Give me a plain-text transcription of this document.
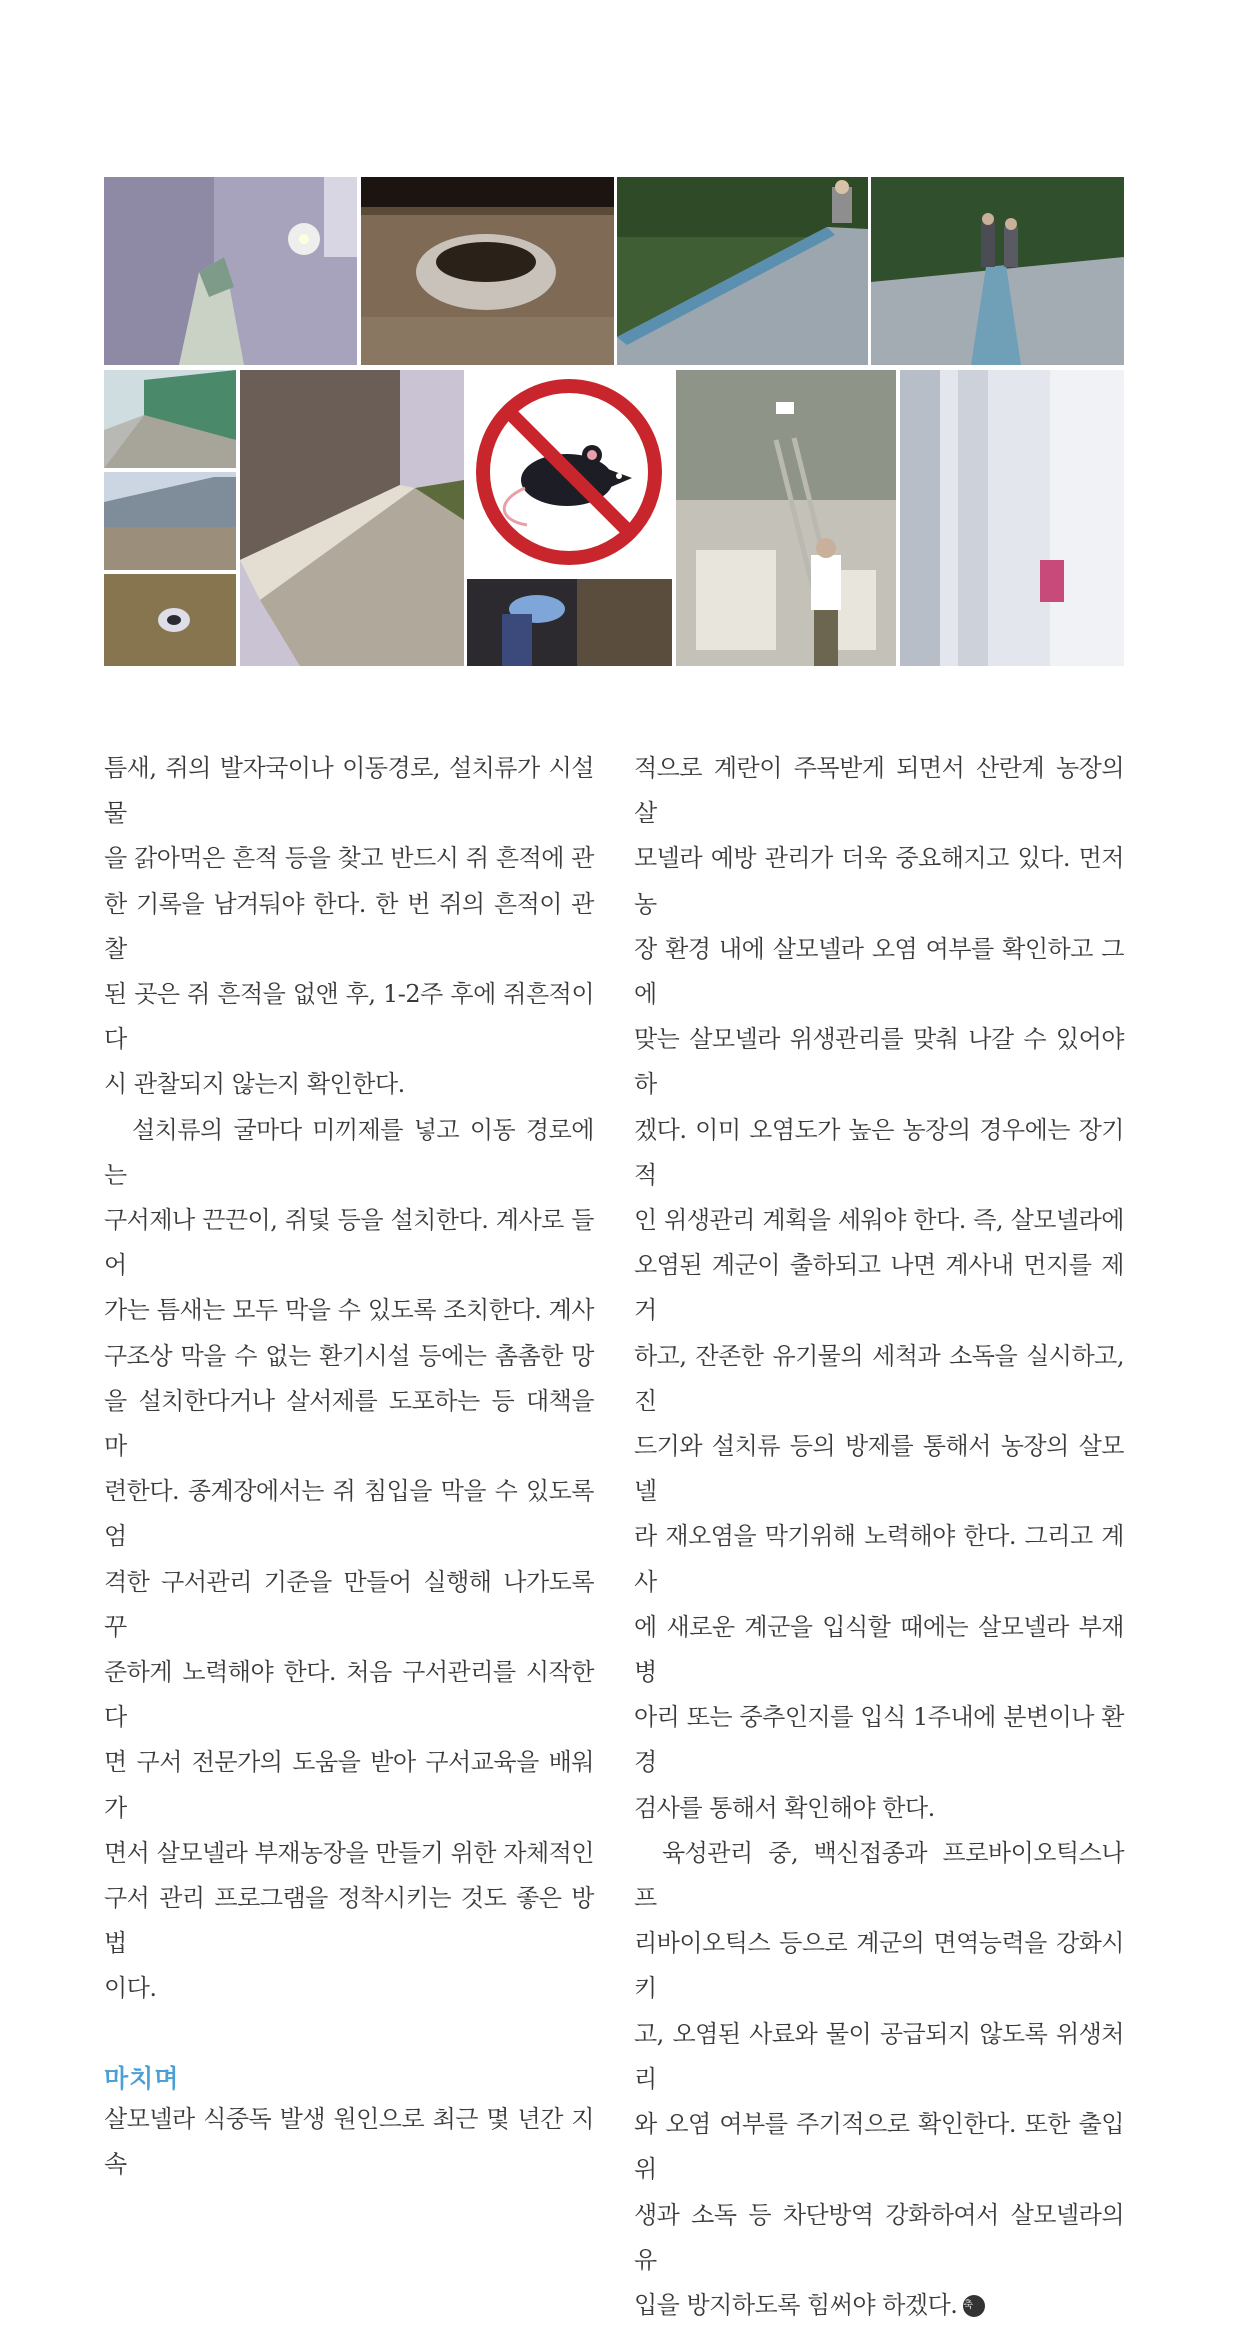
틈새, 쥐의 발자국이나 이동경로, 설치류가 시설물

을 갉아먹은 흔적 등을 찾고 반드시 쥐 흔적에 관

한 기록을 남겨둬야 한다. 한 번 쥐의 흔적이 관찰

된 곳은 쥐 흔적을 없앤 후, 1-2주 후에 쥐흔적이 다

시 관찰되지 않는지 확인한다.

설치류의 굴마다 미끼제를 넣고 이동 경로에는

구서제나 끈끈이, 쥐덫 등을 설치한다. 계사로 들어

가는 틈새는 모두 막을 수 있도록 조치한다. 계사

구조상 막을 수 없는 환기시설 등에는 촘촘한 망

을 설치한다거나 살서제를 도포하는 등 대책을 마

련한다. 종계장에서는 쥐 침입을 막을 수 있도록 엄

격한 구서관리 기준을 만들어 실행해 나가도록 꾸

준하게 노력해야 한다. 처음 구서관리를 시작한다

면 구서 전문가의 도움을 받아 구서교육을 배워가

면서 살모넬라 부재농장을 만들기 위한 자체적인

구서 관리 프로그램을 정착시키는 것도 좋은 방법

이다.

마치며

살모넬라 식중독 발생 원인으로 최근 몇 년간 지속

적으로 계란이 주목받게 되면서 산란계 농장의 살

모넬라 예방 관리가 더욱 중요해지고 있다. 먼저 농

장 환경 내에 살모넬라 오염 여부를 확인하고 그에

맞는 살모넬라 위생관리를 맞춰 나갈 수 있어야 하

겠다. 이미 오염도가 높은 농장의 경우에는 장기적

인 위생관리 계획을 세워야 한다. 즉, 살모넬라에

오염된 계군이 출하되고 나면 계사내 먼지를 제거

하고, 잔존한 유기물의 세척과 소독을 실시하고, 진

드기와 설치류 등의 방제를 통해서 농장의 살모넬

라 재오염을 막기위해 노력해야 한다. 그리고 계사

에 새로운 계군을 입식할 때에는 살모넬라 부재 병

아리 또는 중추인지를 입식 1주내에 분변이나 환경

검사를 통해서 확인해야 한다.

육성관리 중, 백신접종과 프로바이오틱스나 프

리바이오틱스 등으로 계군의 면역능력을 강화시키

고, 오염된 사료와 물이 공급되지 않도록 위생처리

와 오염 여부를 주기적으로 확인한다. 또한 출입위

생과 소독 등 차단방역 강화하여서 살모넬라의 유

입을 방지하도록 힘써야 하겠다. 축
